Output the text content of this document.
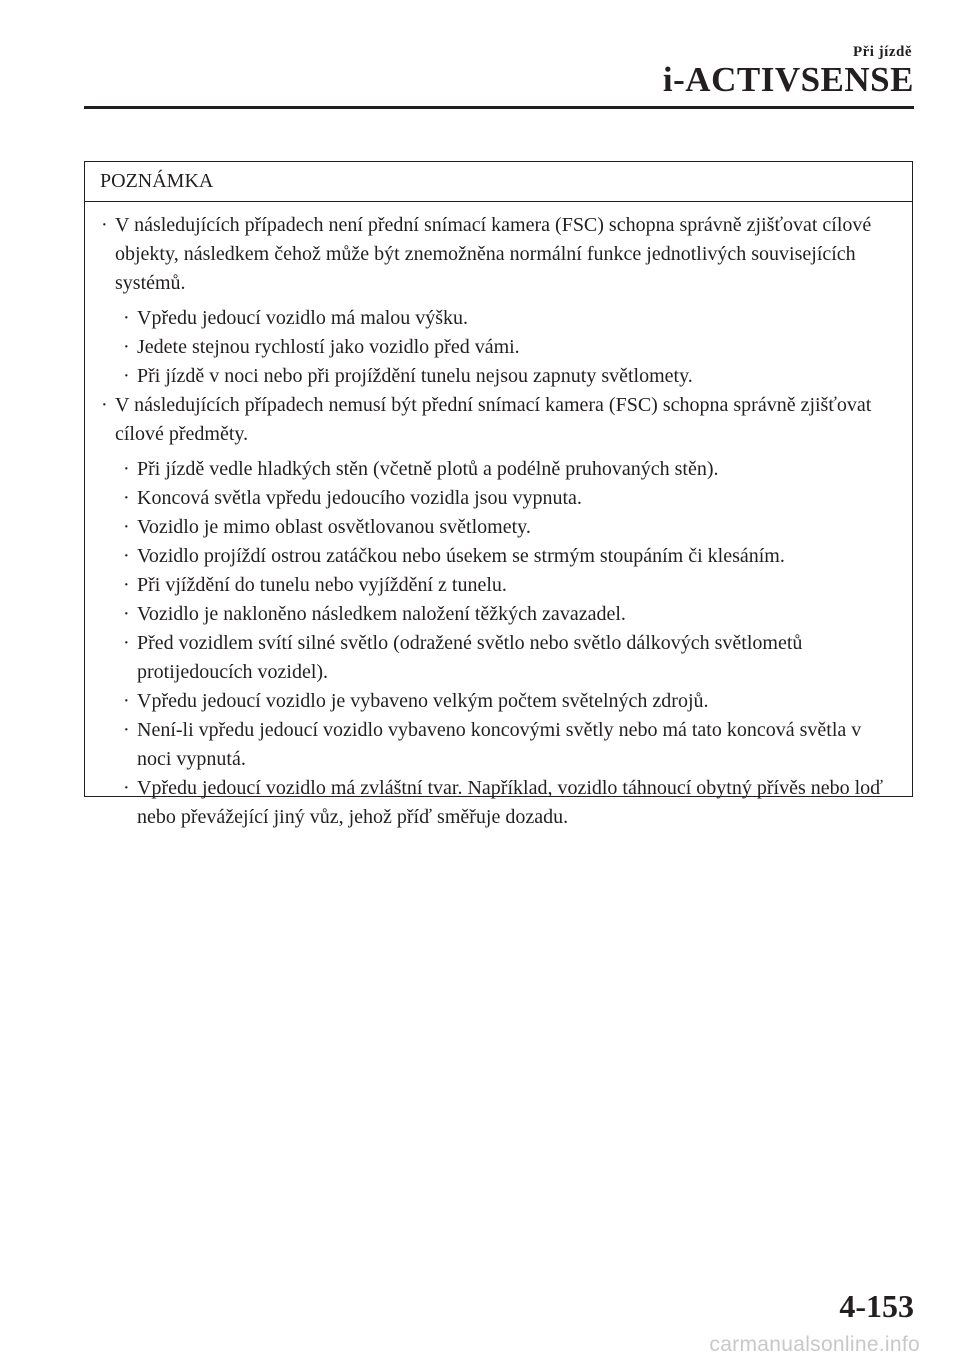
Při jízdě
i-ACTIVSENSE
POZNÁMKA
· V následujících případech není přední snímací kamera (FSC) schopna správně zjišťovat cílové objekty, následkem čehož může být znemožněna normální funkce jednotlivých souvisejících systémů.
· Vpředu jedoucí vozidlo má malou výšku.
· Jedete stejnou rychlostí jako vozidlo před vámi.
· Při jízdě v noci nebo při projíždění tunelu nejsou zapnuty světlomety.
· V následujících případech nemusí být přední snímací kamera (FSC) schopna správně zjišťovat cílové předměty.
· Při jízdě vedle hladkých stěn (včetně plotů a podélně pruhovaných stěn).
· Koncová světla vpředu jedoucího vozidla jsou vypnuta.
· Vozidlo je mimo oblast osvětlovanou světlomety.
· Vozidlo projíždí ostrou zatáčkou nebo úsekem se strmým stoupáním či klesáním.
· Při vjíždění do tunelu nebo vyjíždění z tunelu.
· Vozidlo je nakloněno následkem naložení těžkých zavazadel.
· Před vozidlem svítí silné světlo (odražené světlo nebo světlo dálkových světlometů protijedoucích vozidel).
· Vpředu jedoucí vozidlo je vybaveno velkým počtem světelných zdrojů.
· Není-li vpředu jedoucí vozidlo vybaveno koncovými světly nebo má tato koncová světla v noci vypnutá.
· Vpředu jedoucí vozidlo má zvláštní tvar. Například, vozidlo táhnoucí obytný přívěs nebo loď nebo převážející jiný vůz, jehož příď směřuje dozadu.
4-153
carmanualsonline.info
